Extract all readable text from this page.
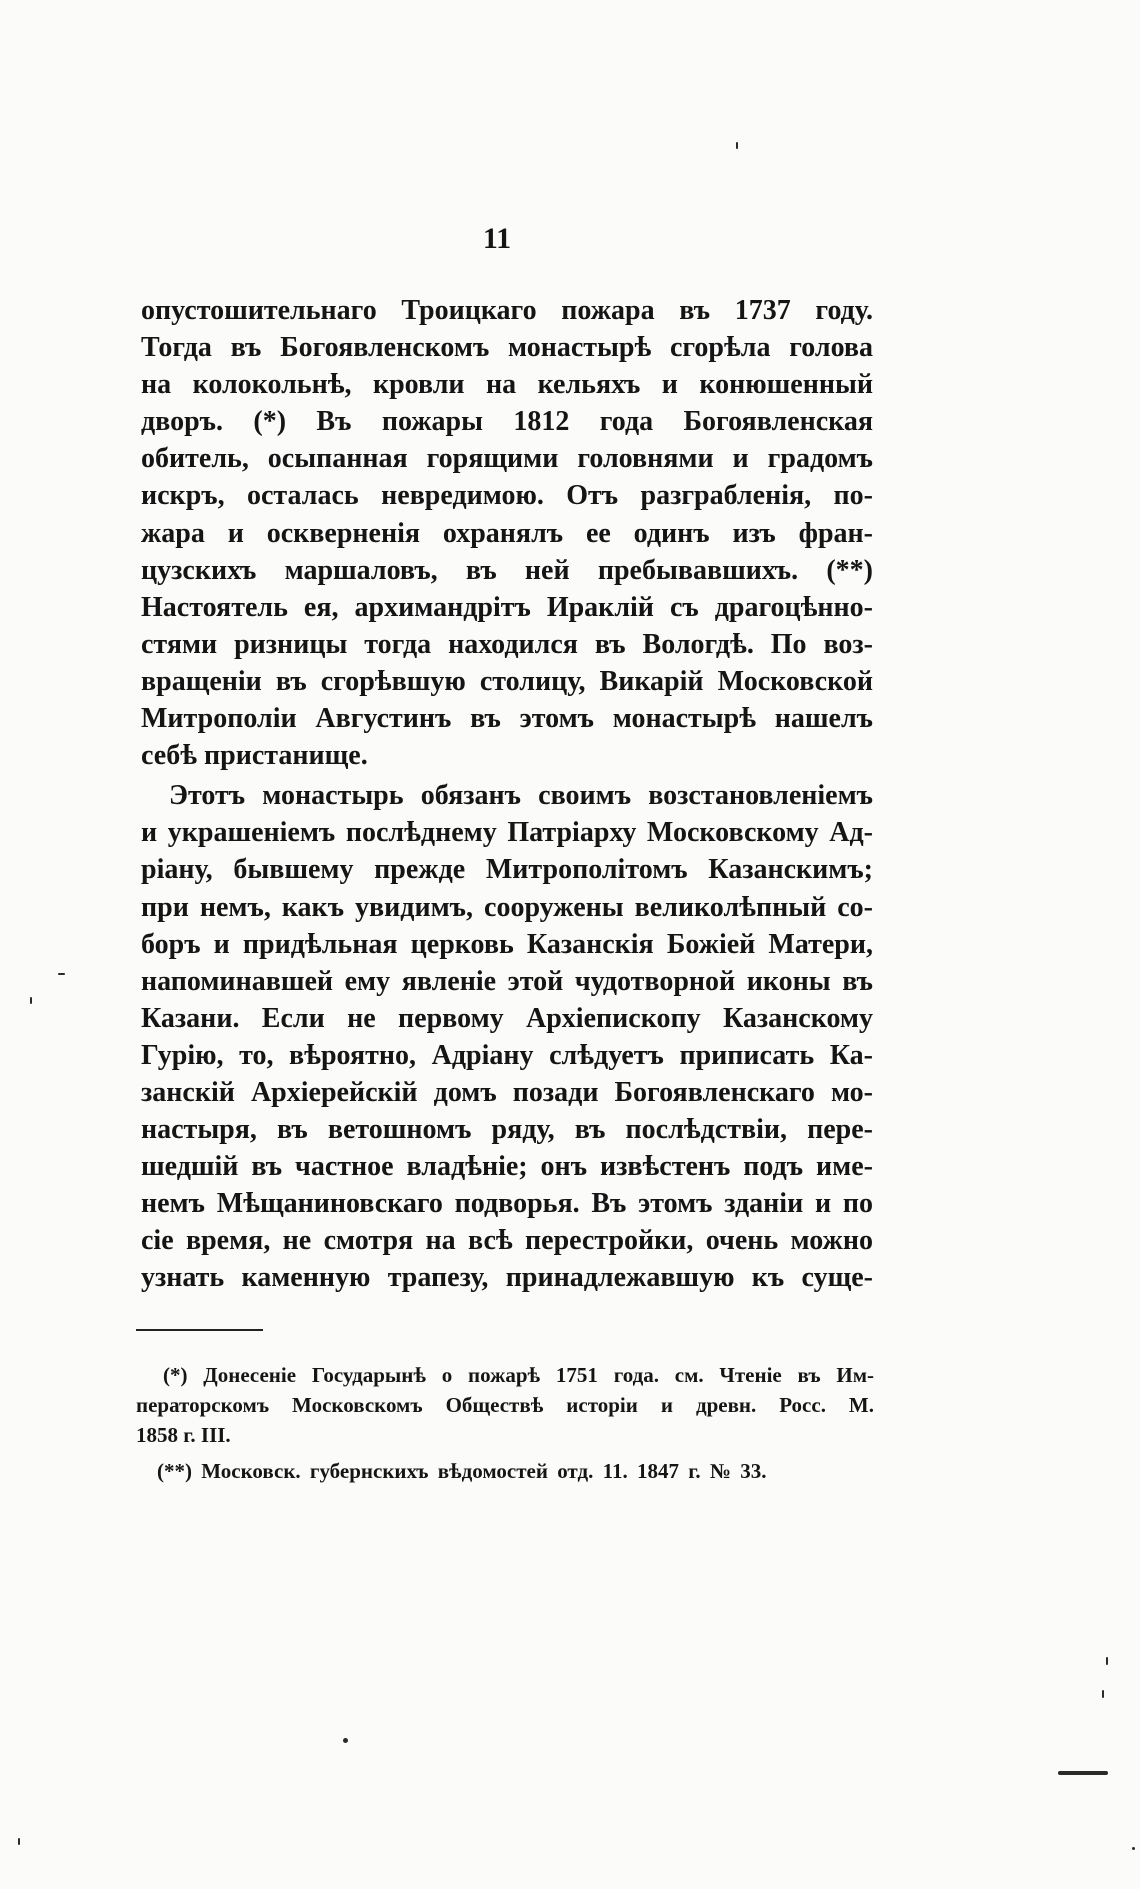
11
опустошительнаго Троицкаго пожара въ 1737 году.
Тогда въ Богоявленскомъ монастырѣ сгорѣла голова
на колокольнѣ, кровли на кельяхъ и конюшенный
дворъ. (*) Въ пожары 1812 года Богоявленская
обитель, осыпанная горящими головнями и градомъ
искръ, осталась невредимою. Отъ разграбленія, по-
жара и оскверненія охранялъ ее одинъ изъ фран-
цузскихъ маршаловъ, въ ней пребывавшихъ. (**)
Настоятель ея, архимандрітъ Ираклій съ драгоцѣнно-
стями ризницы тогда находился въ Вологдѣ. По воз-
вращеніи въ сгорѣвшую столицу, Викарій Московской
Митрополіи Августинъ въ этомъ монастырѣ нашелъ
себѣ пристанище.
Этотъ монастырь обязанъ своимъ возстановленіемъ
и украшеніемъ послѣднему Патріарху Московскому Ад-
ріану, бывшему прежде Митрополітомъ Казанскимъ;
при немъ, какъ увидимъ, сооружены великолѣпный со-
боръ и придѣльная церковь Казанскія Божіей Матери,
напоминавшей ему явленіе этой чудотворной иконы въ
Казани. Если не первому Архіепископу Казанскому
Гурію, то, вѣроятно, Адріану слѣдуетъ приписать Ка-
занскій Архіерейскій домъ позади Богоявленскаго мо-
настыря, въ ветошномъ ряду, въ послѣдствіи, пере-
шедшій въ частное владѣніе; онъ извѣстенъ подъ име-
немъ Мѣщаниновскаго подворья. Въ этомъ зданіи и по
сіе время, не смотря на всѣ перестройки, очень можно
узнать каменную трапезу, принадлежавшую къ суще-
(*) Донесеніе Государынѣ о пожарѣ 1751 года. см. Чтеніе въ Им-
ператорскомъ Московскомъ Обществѣ исторіи и древн. Росс. М.
1858 г. III.
(**) Московск. губернскихъ вѣдомостей отд. 11. 1847 г. № 33.
